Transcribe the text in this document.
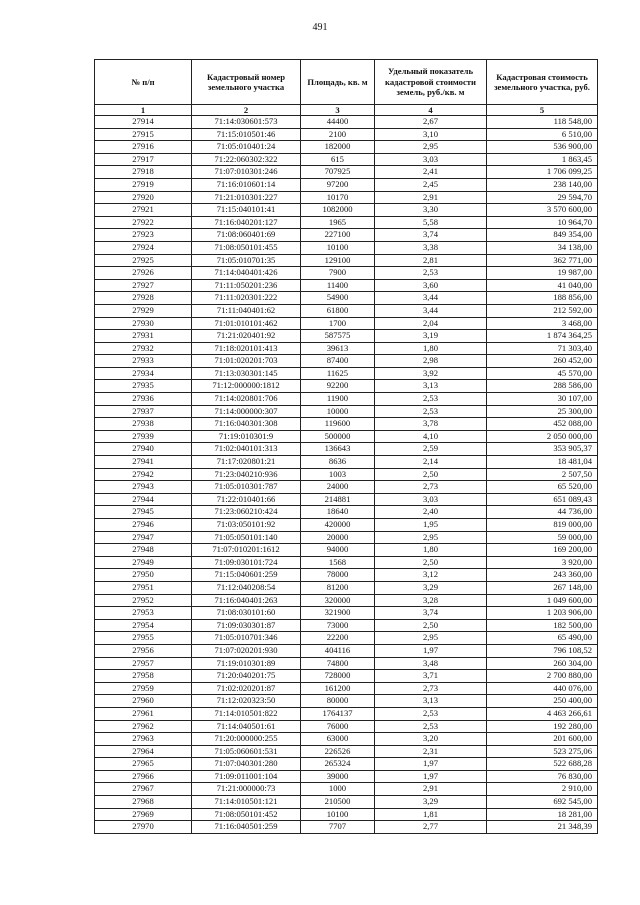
491
№ п/п	Кадастровый номер земельного участка	Площадь, кв. м	Удельный показатель кадастровой стоимости земель, руб./кв. м	Кадастровая стоимость земельного участка, руб.
1	2	3	4	5
27914	71:14:030601:573	44400	2,67	118 548,00
27915	71:15:010501:46	2100	3,10	6 510,00
27916	71:05:010401:24	182000	2,95	536 900,00
27917	71:22:060302:322	615	3,03	1 863,45
27918	71:07:010301:246	707925	2,41	1 706 099,25
27919	71:16:010601:14	97200	2,45	238 140,00
27920	71:21:010301:227	10170	2,91	29 594,70
27921	71:15:040101:41	1082000	3,30	3 570 600,00
27922	71:16:040201:127	1965	5,58	10 964,70
27923	71:08:060401:69	227100	3,74	849 354,00
27924	71:08:050101:455	10100	3,38	34 138,00
27925	71:05:010701:35	129100	2,81	362 771,00
27926	71:14:040401:426	7900	2,53	19 987,00
27927	71:11:050201:236	11400	3,60	41 040,00
27928	71:11:020301:222	54900	3,44	188 856,00
27929	71:11:040401:62	61800	3,44	212 592,00
27930	71:01:010101:462	1700	2,04	3 468,00
27931	71:21:020401:92	587575	3,19	1 874 364,25
27932	71:18:020101:413	39613	1,80	71 303,40
27933	71:01:020201:703	87400	2,98	260 452,00
27934	71:13:030301:145	11625	3,92	45 570,00
27935	71:12:000000:1812	92200	3,13	288 586,00
27936	71:14:020801:706	11900	2,53	30 107,00
27937	71:14:000000:307	10000	2,53	25 300,00
27938	71:16:040301:308	119600	3,78	452 088,00
27939	71:19:010301:9	500000	4,10	2 050 000,00
27940	71:02:040101:313	136643	2,59	353 905,37
27941	71:17:020801:21	8636	2,14	18 481,04
27942	71:23:040210:936	1003	2,50	2 507,50
27943	71:05:010301:787	24000	2,73	65 520,00
27944	71:22:010401:66	214881	3,03	651 089,43
27945	71:23:060210:424	18640	2,40	44 736,00
27946	71:03:050101:92	420000	1,95	819 000,00
27947	71:05:050101:140	20000	2,95	59 000,00
27948	71:07:010201:1612	94000	1,80	169 200,00
27949	71:09:030101:724	1568	2,50	3 920,00
27950	71:15:040601:259	78000	3,12	243 360,00
27951	71:12:040208:54	81200	3,29	267 148,00
27952	71:16:040401:263	320000	3,28	1 049 600,00
27953	71:08:030101:60	321900	3,74	1 203 906,00
27954	71:09:030301:87	73000	2,50	182 500,00
27955	71:05:010701:346	22200	2,95	65 490,00
27956	71:07:020201:930	404116	1,97	796 108,52
27957	71:19:010301:89	74800	3,48	260 304,00
27958	71:20:040201:75	728000	3,71	2 700 880,00
27959	71:02:020201:87	161200	2,73	440 076,00
27960	71:12:020323:50	80000	3,13	250 400,00
27961	71:14:010501:822	1764137	2,53	4 463 266,61
27962	71:14:040501:61	76000	2,53	192 280,00
27963	71:20:000000:255	63000	3,20	201 600,00
27964	71:05:060601:531	226526	2,31	523 275,06
27965	71:07:040301:280	265324	1,97	522 688,28
27966	71:09:011001:104	39000	1,97	76 830,00
27967	71:21:000000:73	1000	2,91	2 910,00
27968	71:14:010501:121	210500	3,29	692 545,00
27969	71:08:050101:452	10100	1,81	18 281,00
27970	71:16:040501:259	7707	2,77	21 348,39
